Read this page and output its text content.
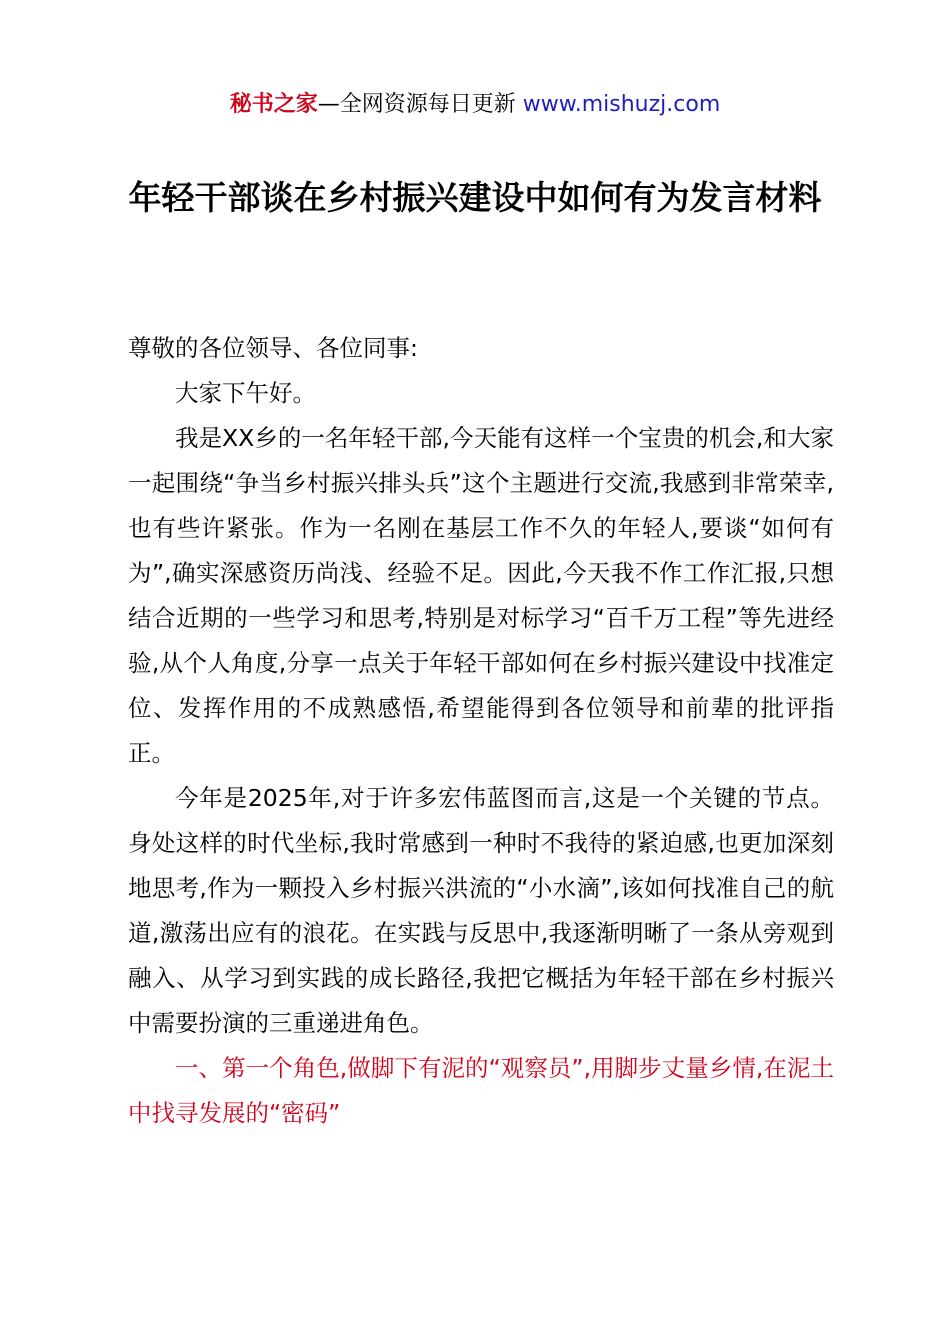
秘书之家—全网资源每日更新 www.mishuzj.com
年轻干部谈在乡村振兴建设中如何有为发言材料

尊敬的各位领导、各位同事:

大家下午好。

我是XX乡的一名年轻干部,今天能有这样一个宝贵的机会,和大家一起围绕“争当乡村振兴排头兵”这个主题进行交流,我感到非常荣幸,也有些许紧张。作为一名刚在基层工作不久的年轻人,要谈“如何有为”,确实深感资历尚浅、经验不足。因此,今天我不作工作汇报,只想结合近期的一些学习和思考,特别是对标学习“百千万工程”等先进经验,从个人角度,分享一点关于年轻干部如何在乡村振兴建设中找准定位、发挥作用的不成熟感悟,希望能得到各位领导和前辈的批评指正。

今年是2025年,对于许多宏伟蓝图而言,这是一个关键的节点。身处这样的时代坐标,我时常感到一种时不我待的紧迫感,也更加深刻地思考,作为一颗投入乡村振兴洪流的“小水滴”,该如何找准自己的航道,激荡出应有的浪花。在实践与反思中,我逐渐明晰了一条从旁观到融入、从学习到实践的成长路径,我把它概括为年轻干部在乡村振兴中需要扮演的三重递进角色。

一、第一个角色,做脚下有泥的“观察员”,用脚步丈量乡情,在泥土中找寻发展的“密码”
